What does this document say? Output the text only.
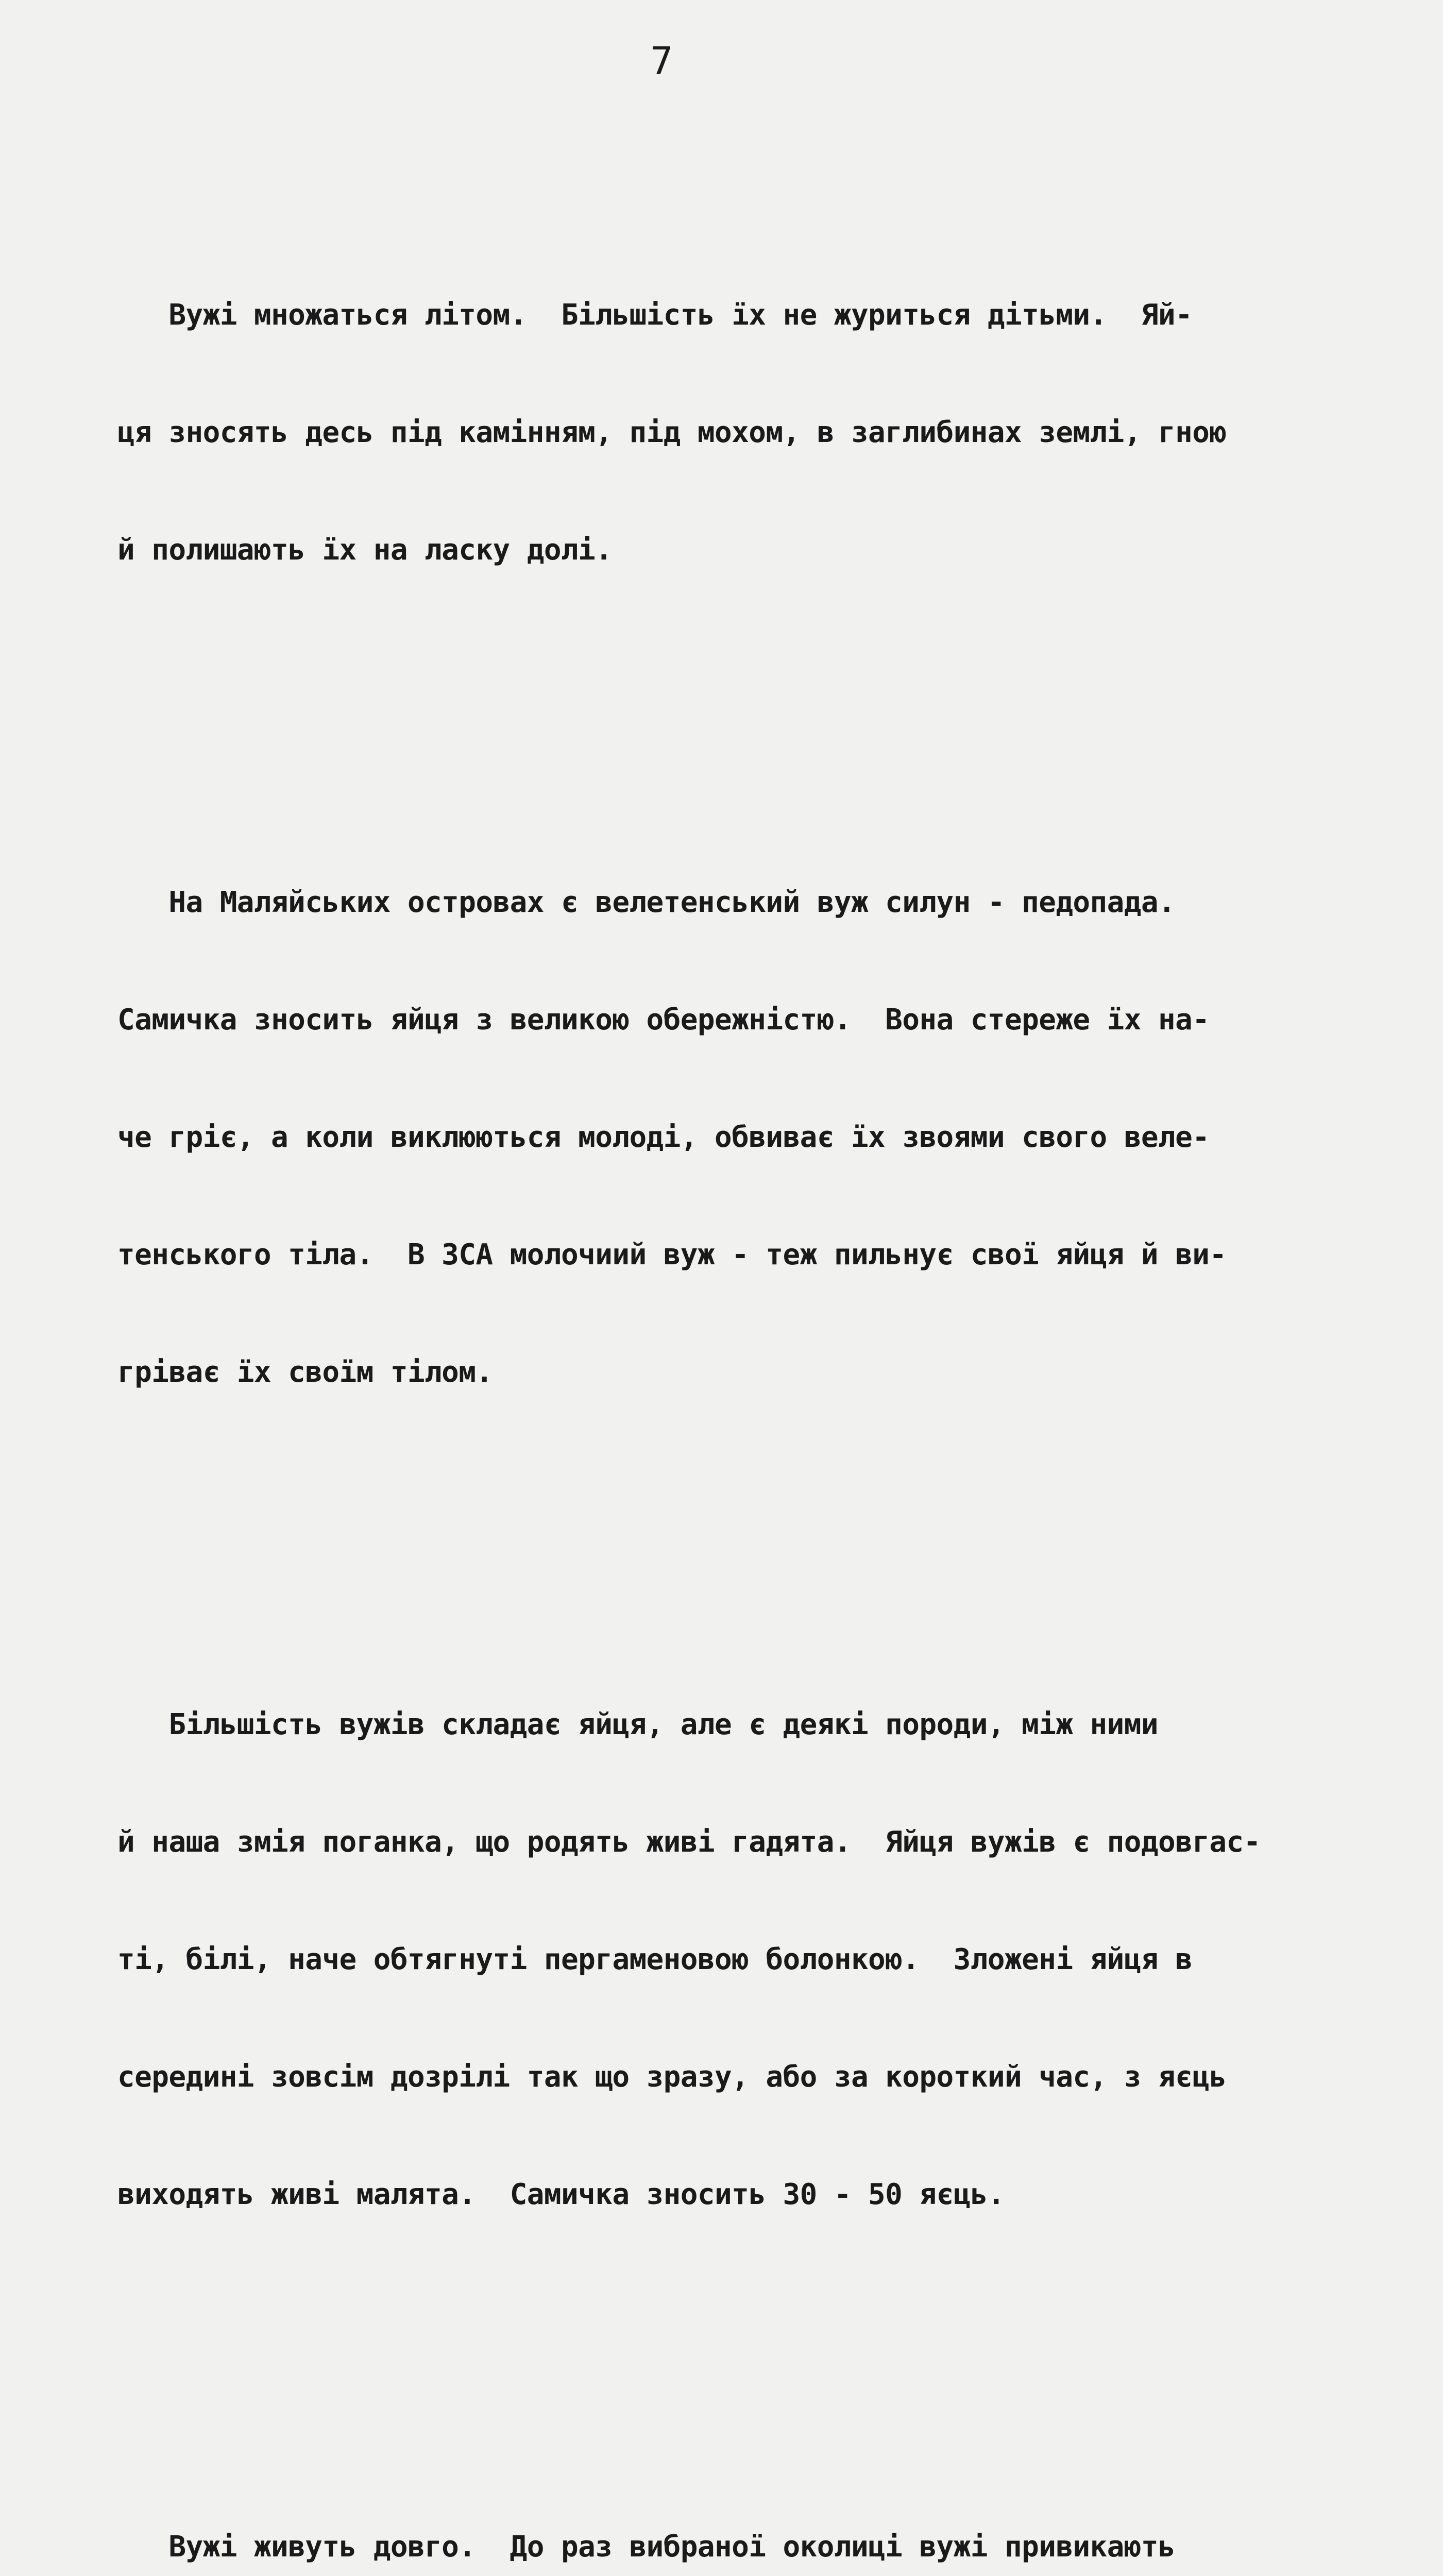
7

Вужі множаться літом.  Більшість їх не журиться дітьми.  Яй-

ця зносять десь під камінням, під мохом, в заглибинах землі, гною

й полишають їх на ласку долі.

На Маляйських островах є велетенський вуж силун - педопада.

Самичка зносить яйця з великою обережністю.  Вона стереже їх на-

че гріє, а коли виклюються молоді, обвиває їх звоями свого веле-

тенського тіла.  В ЗСА молочиий вуж - теж пильнує свої яйця й ви-

гріває їх своїм тілом.

Більшість вужів складає яйця, але є деякі породи, між ними

й наша змія поганка, що родять живі гадята.  Яйця вужів є подовгас-

ті, білі, наче обтягнуті пергаменовою болонкою.  Зложені яйця в

середині зовсім дозрілі так що зразу, або за короткий час, з яєць

виходять живі малята.  Самичка зносить 30 - 50 яєць.

Вужі живуть довго.  До раз вибраної околиці вужі привикають
